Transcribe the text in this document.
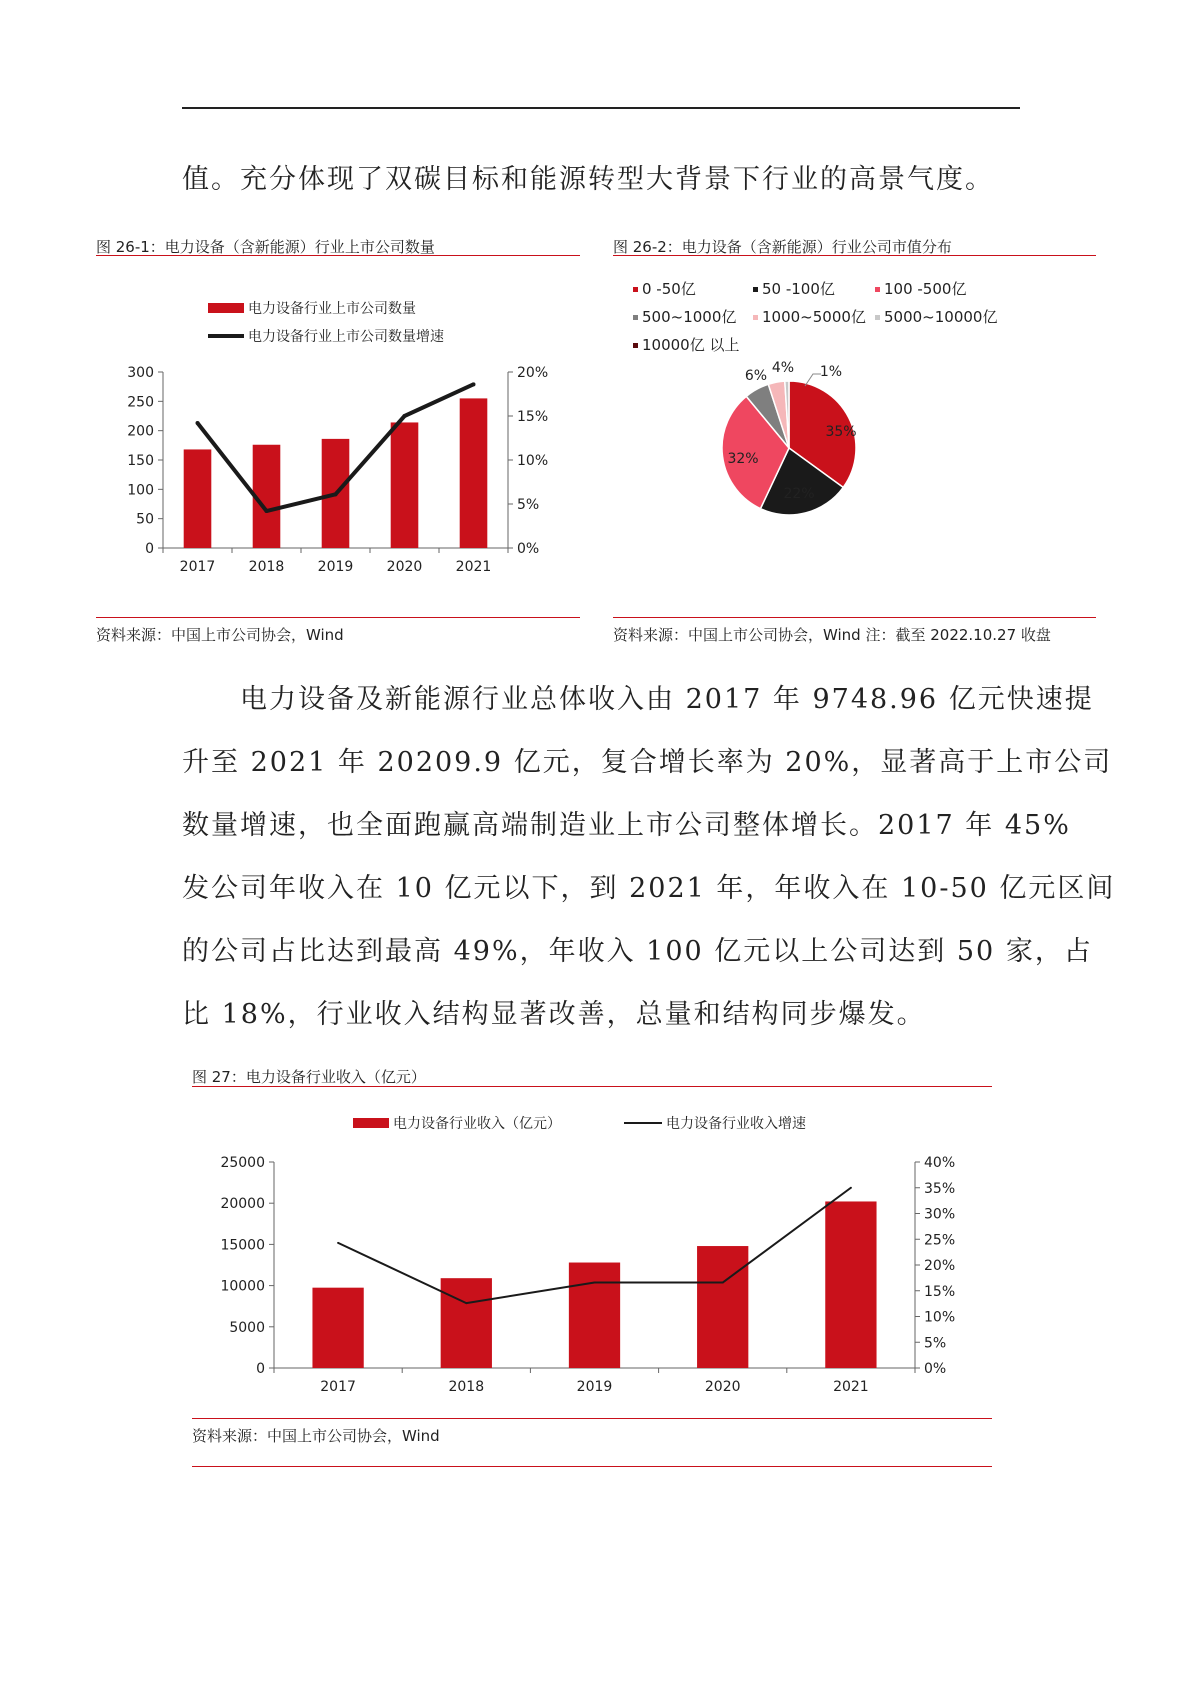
值。充分体现了双碳目标和能源转型大背景下行业的高景气度。
图 26-1：电力设备（含新能源）行业上市公司数量
电力设备行业上市公司数量
电力设备行业上市公司数量增速
0
50
100
150
200
250
300
0%
5%
10%
15%
20%
2017 2018 2019 2020 2021
资料来源：中国上市公司协会，Wind
图 26-2：电力设备（含新能源）行业公司市值分布
0 -50亿	50 -100亿	100 -500亿
500~1000亿 1000~5000亿 5000~10000亿
10000亿 以上
35%
22%
32%
6% 4% 1%
资料来源：中国上市公司协会，Wind 注：截至 2022.10.27 收盘
电力设备及新能源行业总体收入由 2017 年 9748.96 亿元快速提
升至 2021 年 20209.9 亿元，复合增长率为 20%，显著高于上市公司
数量增速，也全面跑赢高端制造业上市公司整体增长。2017 年 45%
发公司年收入在 10 亿元以下，到 2021 年，年收入在 10-50 亿元区间
的公司占比达到最高 49%，年收入 100 亿元以上公司达到 50 家，占
比 18%，行业收入结构显著改善，总量和结构同步爆发。
图 27：电力设备行业收入（亿元）
电力设备行业收入（亿元）	电力设备行业收入增速
0
5000
10000
15000
20000
25000
0%
5%
10%
15%
20%
25%
30%
35%
40%
2017	2018	2019	2020	2021
资料来源：中国上市公司协会，Wind
